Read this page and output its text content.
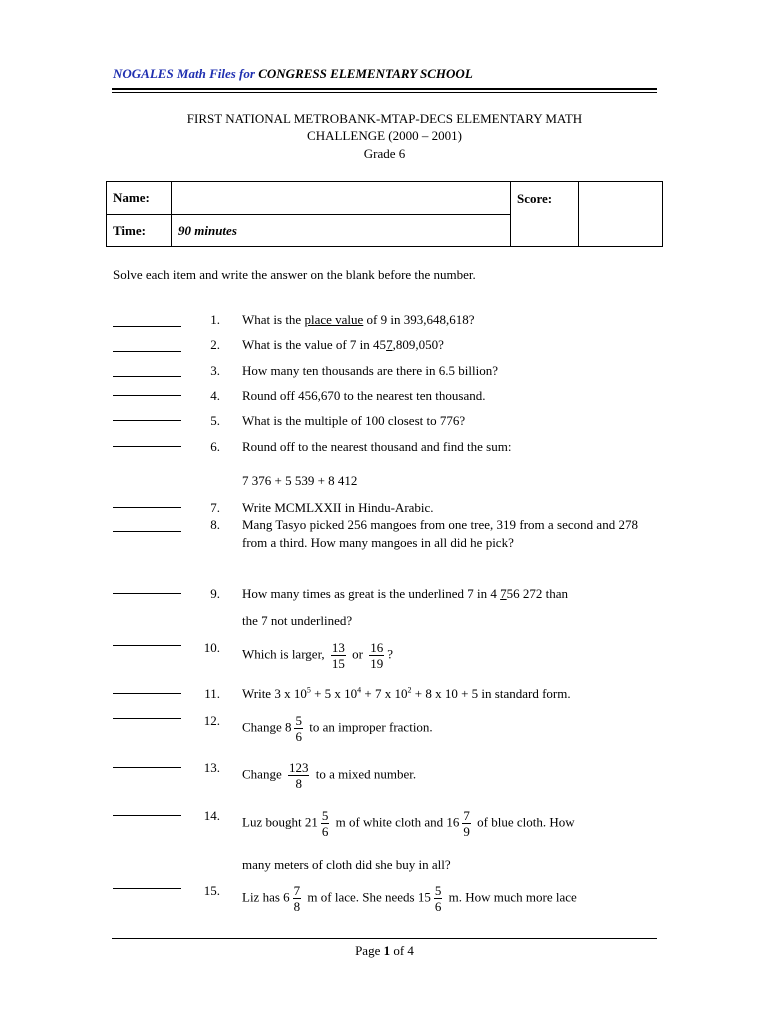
NOGALES Math Files for CONGRESS ELEMENTARY SCHOOL
FIRST NATIONAL METROBANK-MTAP-DECS ELEMENTARY MATH
CHALLENGE (2000 – 2001)
Grade 6
Name:		Score:	
Time:	90 minutes		
Solve each item and write the answer on the blank before the number.
1. What is the place value of 9 in 393,648,618?
2. What is the value of 7 in 457,809,050?
3. How many ten thousands are there in 6.5 billion?
4. Round off 456,670 to the nearest ten thousand.
5. What is the multiple of 100 closest to 776?
6. Round off to the nearest thousand and find the sum:
7 376 + 5 539 + 8 412
7. Write MCMLXXII in Hindu-Arabic.
8. Mang Tasyo picked 256 mangoes from one tree, 319 from a second and 278 from a third. How many mangoes in all did he pick?
9. How many times as great is the underlined 7 in 4 756 272 than
the 7 not underlined?
10. Which is larger, $\frac{13}{15}$ or $\frac{16}{19}$ ?
11. Write 3 x $10^5 + 5$ x $10^4 + 7$ x $10^2 + 8$ x 10 + 5 in standard form.
12. Change $8 \frac{5}{6}$ to an improper fraction.
13. Change $\frac{123}{8}$ to a mixed number.
14. Luz bought $21 \frac{5}{6}$ m of white cloth and $16 \frac{7}{9}$ of blue cloth. How
many meters of cloth did she buy in all?
15. Liz has $6 \frac{7}{8}$ m of lace. She needs $15 \frac{5}{6} m$. How much more lace
Page 1 of 4
